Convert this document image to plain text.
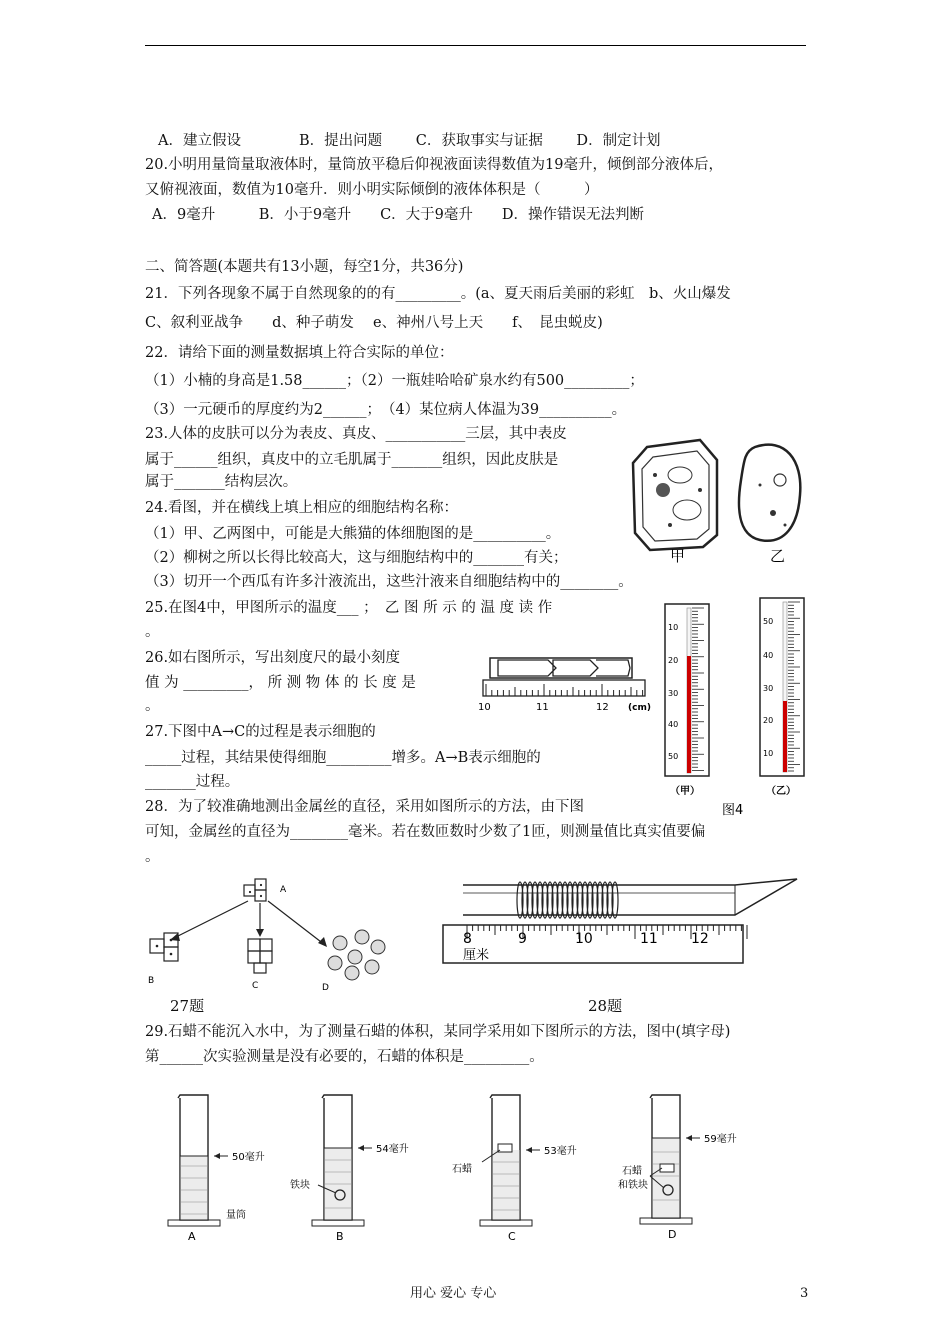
A．建立假设　　　　B．提出问题　　 C．获取事实与证据　　 D．制定计划
20.小明用量筒量取液体时，量筒放平稳后仰视液面读得数值为19毫升，倾倒部分液体后，
又俯视液面，数值为10毫升．则小明实际倾倒的液体体积是（　　　）
A．9毫升　　　B．小于9毫升　　C．大于9毫升　　D．操作错误无法判断
二、简答题(本题共有13小题，每空1分，共36分)
21．下列各现象不属于自然现象的的有_________。(a、夏天雨后美丽的彩虹　b、火山爆发
C、叙利亚战争　　d、种子萌发　 e、神州八号上天　　f、　昆虫蜕皮)
22．请给下面的测量数据填上符合实际的单位：
（1）小楠的身高是1.58______；（2）一瓶娃哈哈矿泉水约有500_________；
（3）一元硬币的厚度约为2______；　（4）某位病人体温为39__________。
23.人体的皮肤可以分为表皮、真皮、___________三层，其中表皮
属于______组织，真皮中的立毛肌属于_______组织，因此皮肤是
属于_______结构层次。
24.看图，并在横线上填上相应的细胞结构名称：
（1）甲、乙两图中，可能是大熊猫的体细胞图的是__________。
（2）柳树之所以长得比较高大，这与细胞结构中的_______有关；
（3）切开一个西瓜有许多汁液流出，这些汁液来自细胞结构中的________。
甲	乙
25.在图4中，甲图所示的温度___ ；　乙 图 所 示 的 温 度 读 作
。
26.如右图所示，写出刻度尺的最小刻度
值 为 _________， 所 测 物 体 的 长 度 是
。	10	11	12 (cm)
10
20
30
40
50
（甲）
50
40
30
20
10
（乙）
图4
27.下图中A→C的过程是表示细胞的
_____过程，其结果使得细胞_________增多。A→B表示细胞的
_______过程。
28．为了较准确地测出金属丝的直径，采用如图所示的方法，由下图
可知，金属丝的直径为________毫米。若在数匝数时少数了1匝，则测量值比真实值要偏
。
A
B	C	D
27题
8	9	10	11 12
厘米
28题
29.石蜡不能沉入水中，为了测量石蜡的体积，某同学采用如下图所示的方法，图中(填字母)
第______次实验测量是没有必要的，石蜡的体积是_________。
50毫升
量筒
A
54毫升
铁块
B
53毫升
石蜡
C
59毫升
石蜡
和铁块
D
用心 爱心 专心	3
